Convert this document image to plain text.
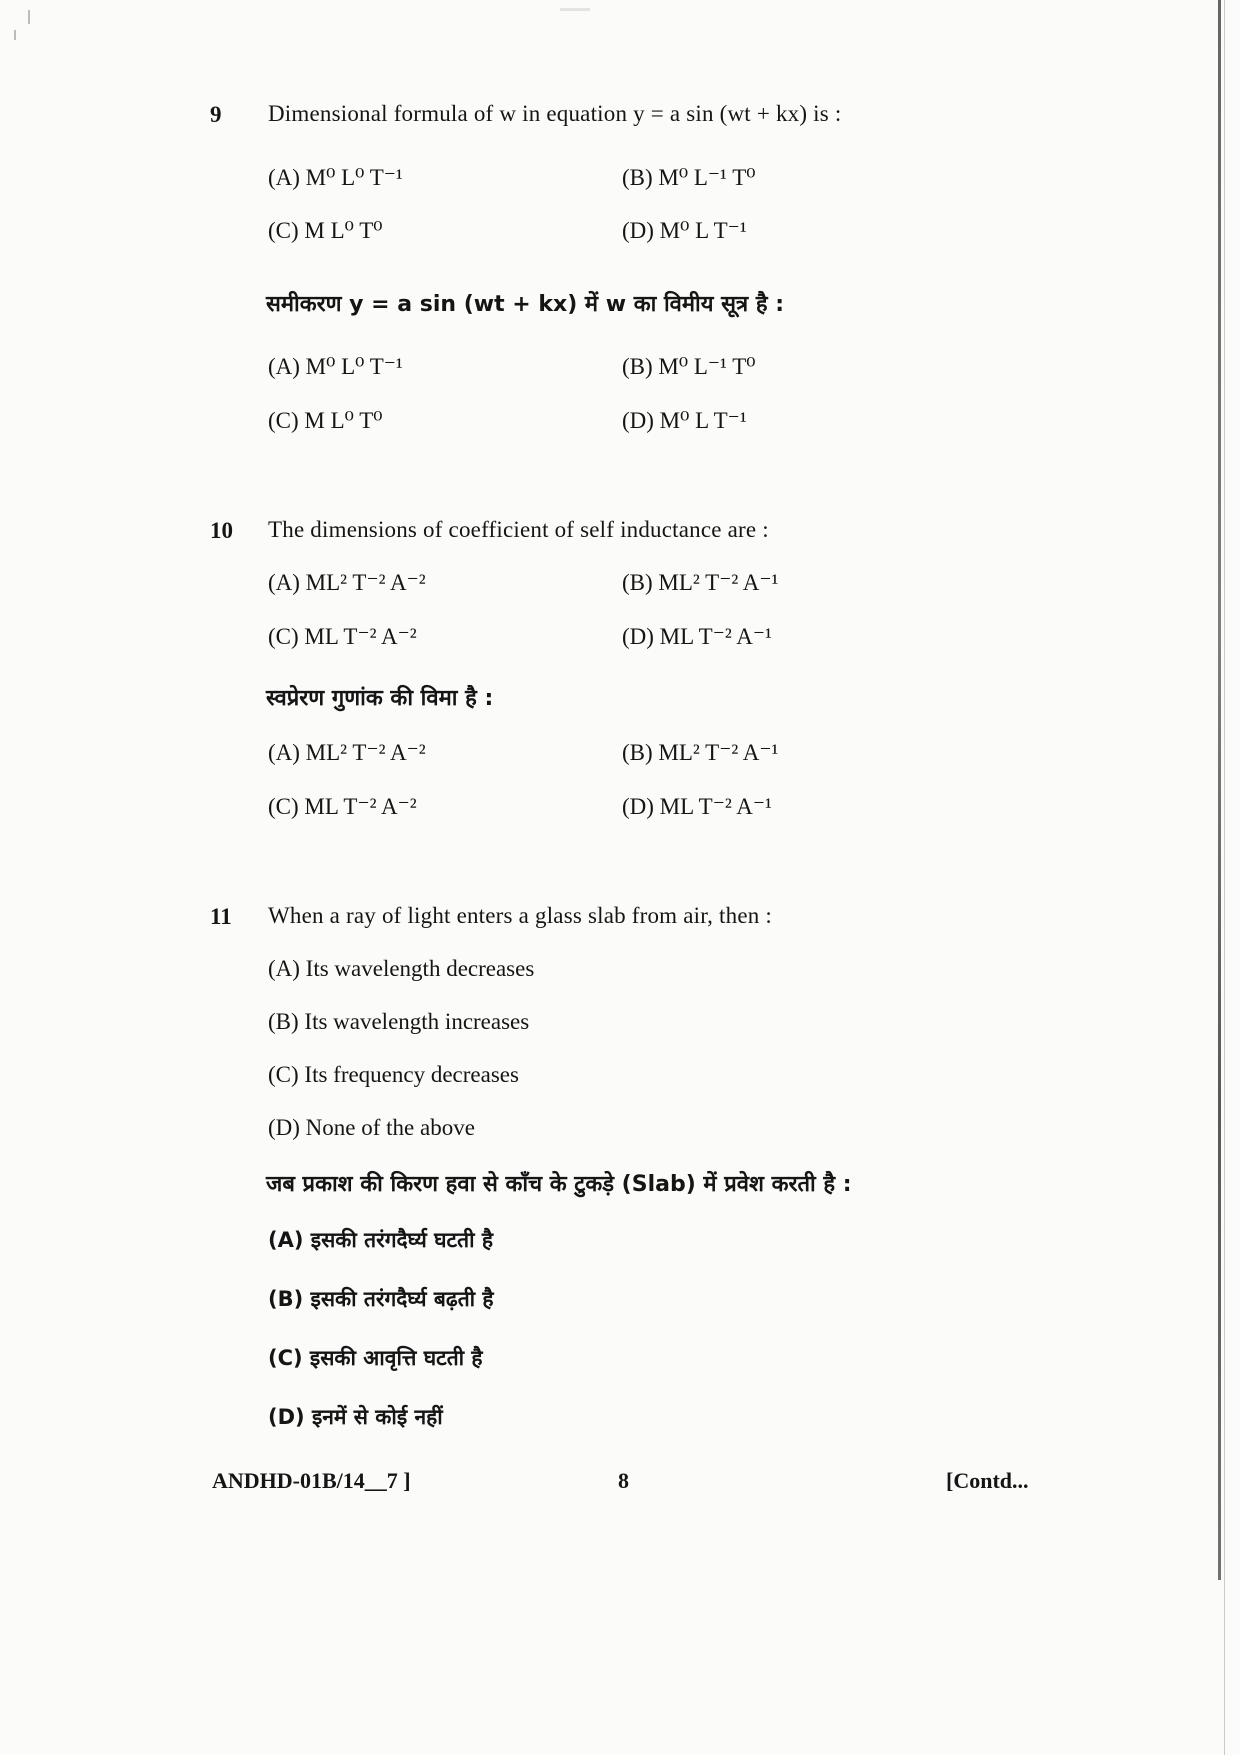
9 Dimensional formula of w in equation y = a sin (wt + kx) is :
(A) M⁰ L⁰ T⁻¹	(B) M⁰ L⁻¹ T⁰
(C) M L⁰ T⁰	(D) M⁰ L T⁻¹
समीकरण y = a sin (wt + kx) में w का विमीय सूत्र है :
(A) M⁰ L⁰ T⁻¹	(B) M⁰ L⁻¹ T⁰
(C) M L⁰ T⁰	(D) M⁰ L T⁻¹
10 The dimensions of coefficient of self inductance are :
(A) ML² T⁻² A⁻²	(B) ML² T⁻² A⁻¹
(C) ML T⁻² A⁻²	(D) ML T⁻² A⁻¹
स्वप्रेरण गुणांक की विमा है :
(A) ML² T⁻² A⁻²	(B) ML² T⁻² A⁻¹
(C) ML T⁻² A⁻²	(D) ML T⁻² A⁻¹
11 When a ray of light enters a glass slab from air, then :
(A) Its wavelength decreases
(B) Its wavelength increases
(C) Its frequency decreases
(D) None of the above
जब प्रकाश की किरण हवा से काँच के टुकड़े (Slab) में प्रवेश करती है :
(A) इसकी तरंगदैर्घ्य घटती है
(B) इसकी तरंगदैर्घ्य बढ़ती है
(C) इसकी आवृत्ति घटती है
(D) इनमें से कोई नहीं
ANDHD-01B/14__7 ]	8	[Contd...
